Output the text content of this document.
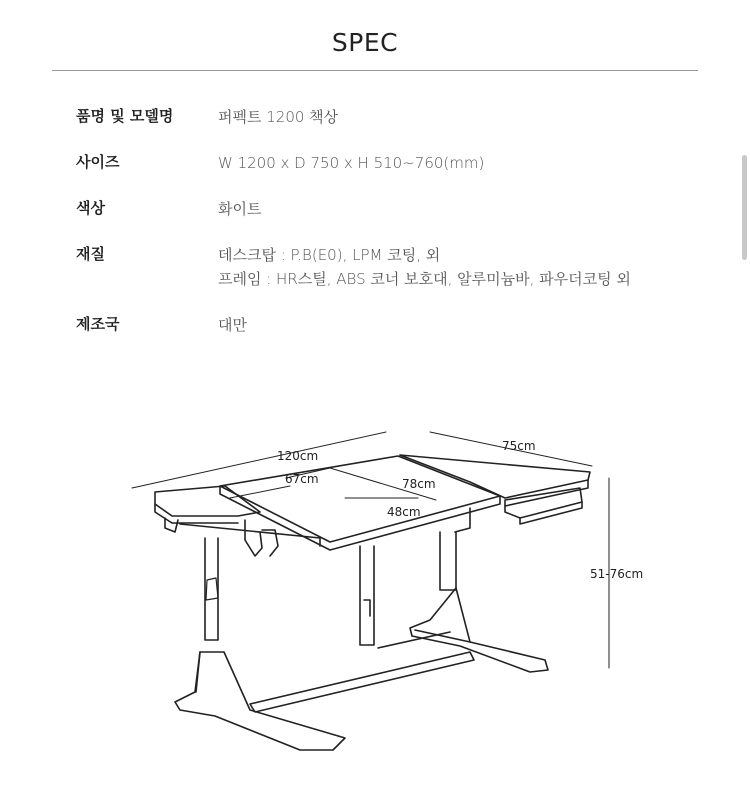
SPEC
품명 및 모델명	퍼펙트 1200 책상
사이즈	W 1200 x D 750 x H 510~760(mm)
색상	화이트
재질	데스크탑 : P.B(E0), LPM 코팅, 외
프레임 : HR스틸, ABS 코너 보호대, 알루미늄바, 파우더코팅 외
제조국	대만
120cm
75cm
67cm	78cm
48cm
51-76cm
